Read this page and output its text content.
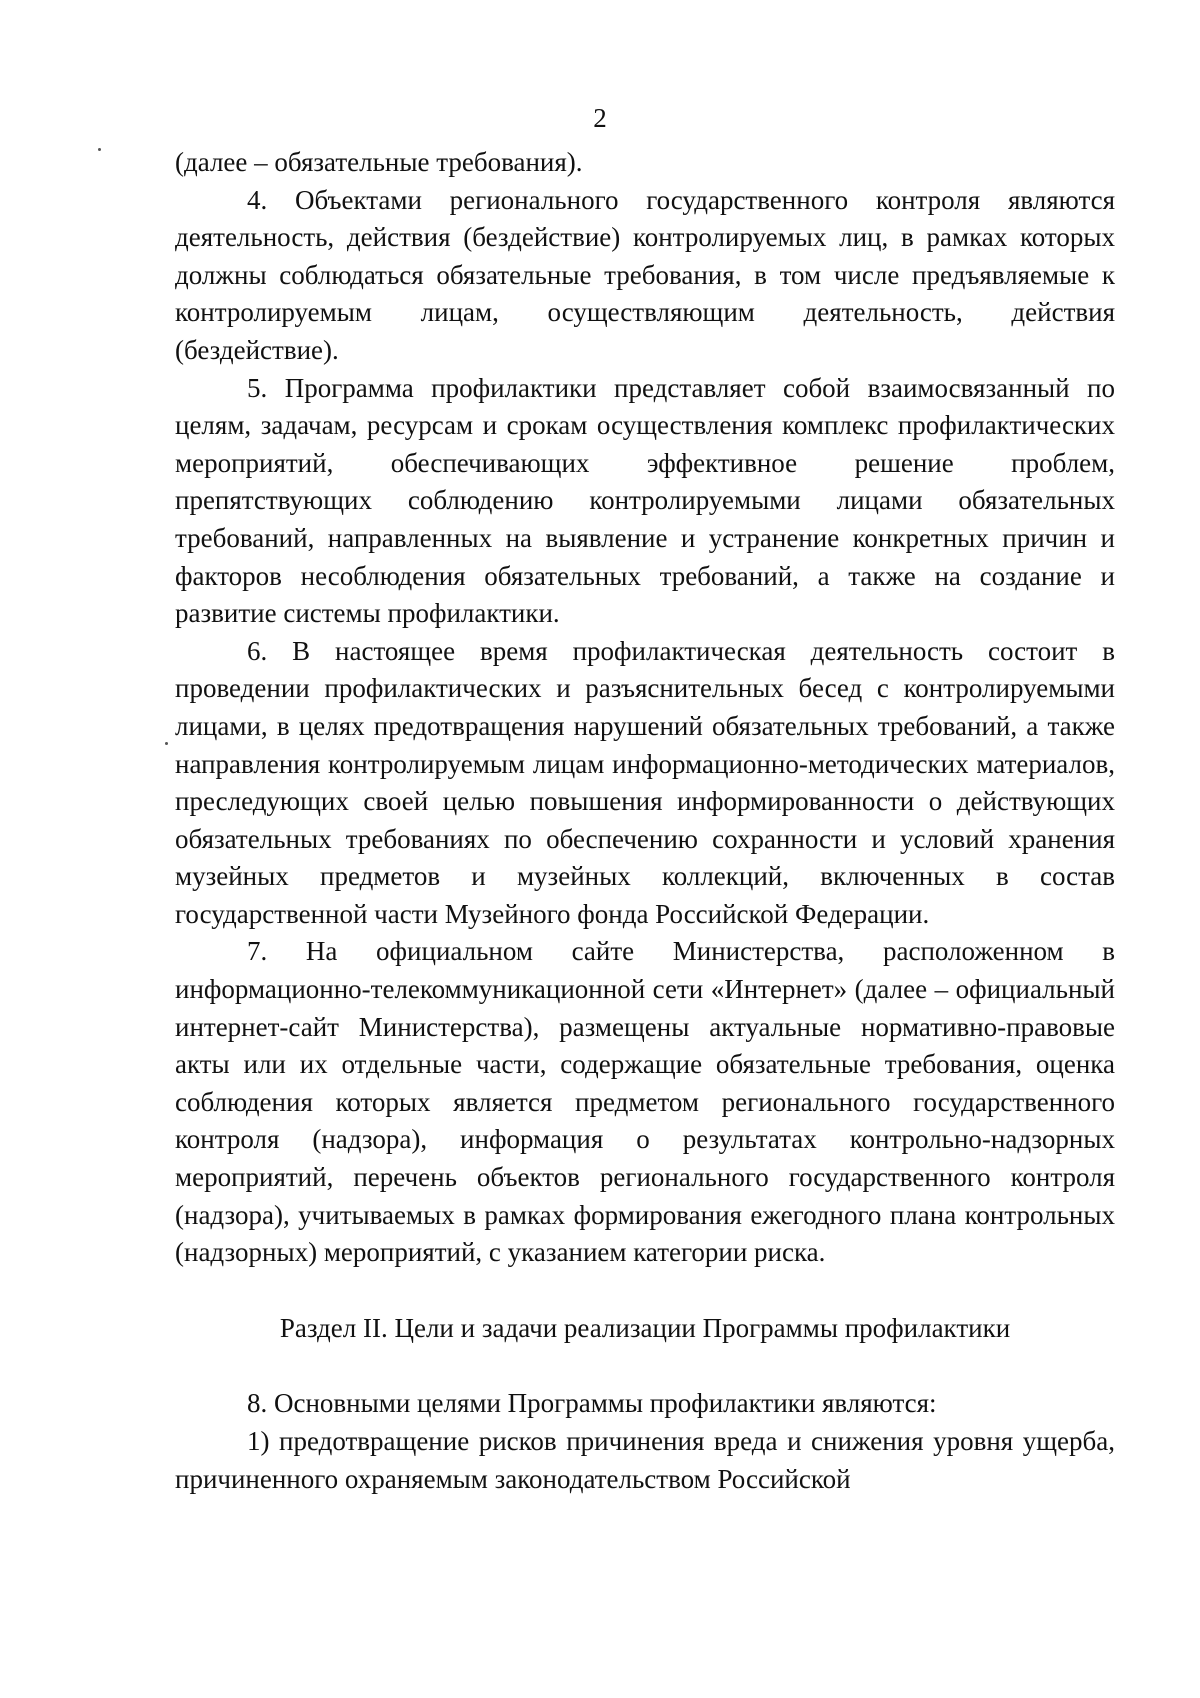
2

(далее – обязательные требования).

4. Объектами регионального государственного контроля являются деятельность, действия (бездействие) контролируемых лиц, в рамках которых должны соблюдаться обязательные требования, в том числе предъявляемые к контролируемым лицам, осуществляющим деятельность, действия (бездействие).

5. Программа профилактики представляет собой взаимосвязанный по целям, задачам, ресурсам и срокам осуществления комплекс профилактических мероприятий, обеспечивающих эффективное решение проблем, препятствующих соблюдению контролируемыми лицами обязательных требований, направленных на выявление и устранение конкретных причин и факторов несоблюдения обязательных требований, а также на создание и развитие системы профилактики.

6. В настоящее время профилактическая деятельность состоит в проведении профилактических и разъяснительных бесед с контролируемыми лицами, в целях предотвращения нарушений обязательных требований, а также направления контролируемым лицам информационно-методических материалов, преследующих своей целью повышения информированности о действующих обязательных требованиях по обеспечению сохранности и условий хранения музейных предметов и музейных коллекций, включенных в состав государственной части Музейного фонда Российской Федерации.

7. На официальном сайте Министерства, расположенном в информационно-телекоммуникационной сети «Интернет» (далее – официальный интернет-сайт Министерства), размещены актуальные нормативно-правовые акты или их отдельные части, содержащие обязательные требования, оценка соблюдения которых является предметом регионального государственного контроля (надзора), информация о результатах контрольно-надзорных мероприятий, перечень объектов регионального государственного контроля (надзора), учитываемых в рамках формирования ежегодного плана контрольных (надзорных) мероприятий, с указанием категории риска.

Раздел II. Цели и задачи реализации Программы профилактики

8. Основными целями Программы профилактики являются:

1) предотвращение рисков причинения вреда и снижения уровня ущерба, причиненного охраняемым законодательством Российской
